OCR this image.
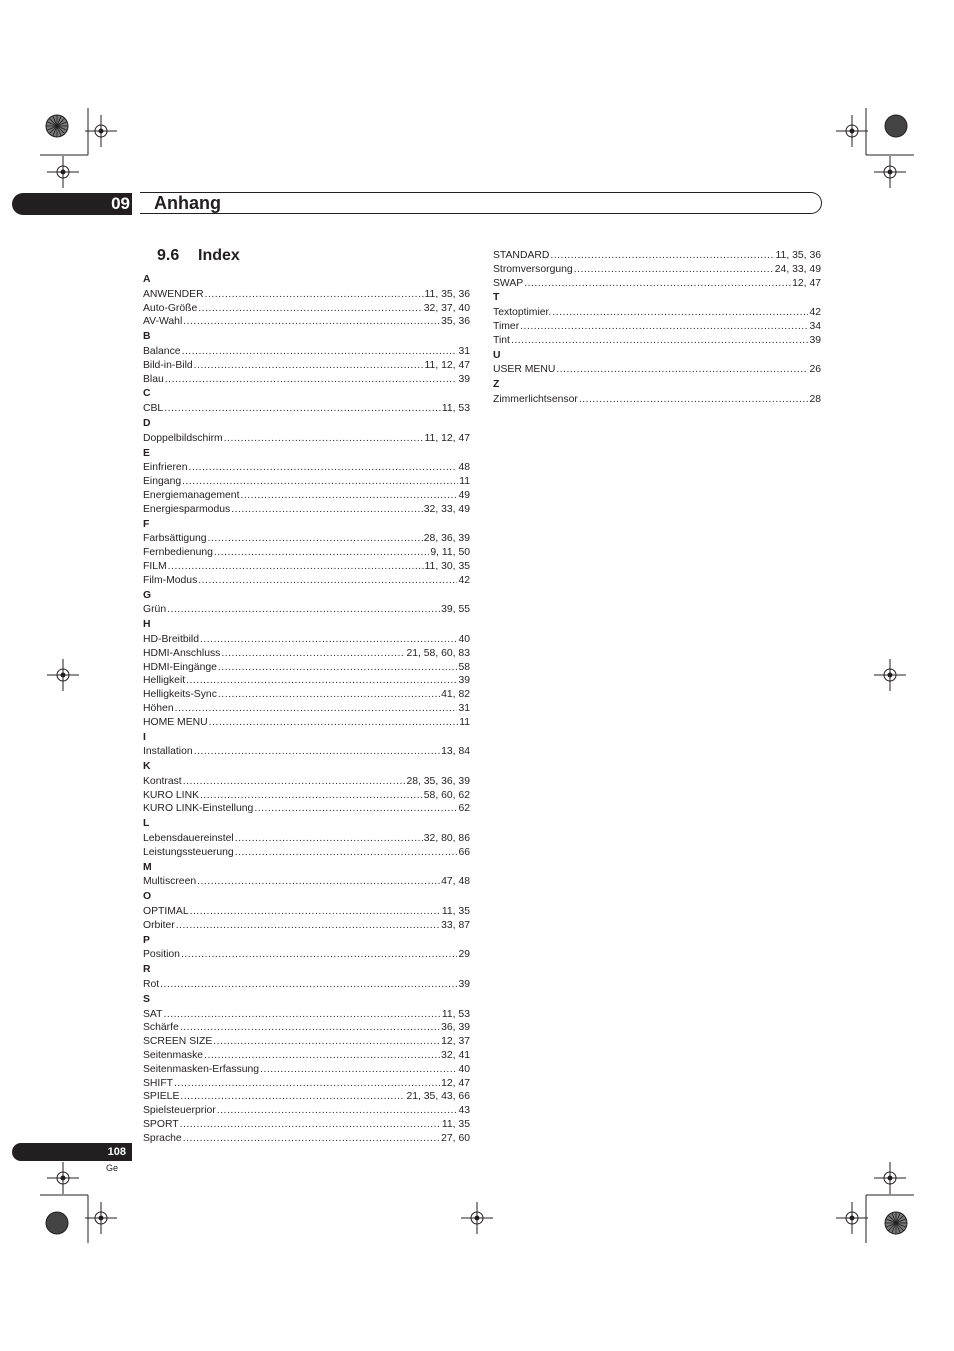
09 Anhang
9.6 Index
A
ANWENDER .....	11, 35, 36
Auto-Größe .....	32, 37, 40
AV-Wahl .....	35, 36
B
Balance .....	31
Bild-in-Bild .....	11, 12, 47
Blau .....	39
C
CBL .....	11, 53
D
Doppelbildschirm .....	11, 12, 47
E
Einfrieren .....	48
Eingang .....	11
Energiemanagement .....	49
Energiesparmodus .....	32, 33, 49
F
Farbsättigung .....	28, 36, 39
Fernbedienung .....	9, 11, 50
FILM .....	11, 30, 35
Film-Modus .....	42
G
Grün .....	39, 55
H
HD-Breitbild .....	40
HDMI-Anschluss .....	21, 58, 60, 83
HDMI-Eingänge .....	58
Helligkeit .....	39
Helligkeits-Sync .....	41, 82
Höhen .....	31
HOME MENU .....	11
I
Installation .....	13, 84
K
Kontrast .....	28, 35, 36, 39
KURO LINK .....	58, 60, 62
KURO LINK-Einstellung .....	62
L
Lebensdauereinstel .....	32, 80, 86
Leistungssteuerung .....	66
M
Multiscreen .....	47, 48
O
OPTIMAL .....	11, 35
Orbiter .....	33, 87
P
Position .....	29
R
Rot .....	39
S
SAT .....	11, 53
Schärfe .....	36, 39
SCREEN SIZE .....	12, 37
Seitenmaske .....	32, 41
Seitenmasken-Erfassung .....	40
SHIFT .....	12, 47
SPIELE .....	21, 35, 43, 66
Spielsteuerprior .....	43
SPORT .....	11, 35
Sprache .....	27, 60
STANDARD .....	11, 35, 36
Stromversorgung .....	24, 33, 49
SWAP .....	12, 47
T
Textoptimier. .....	42
Timer .....	34
Tint .....	39
U
USER MENU .....	26
Z
Zimmerlichtsensor .....	28
108
Ge
